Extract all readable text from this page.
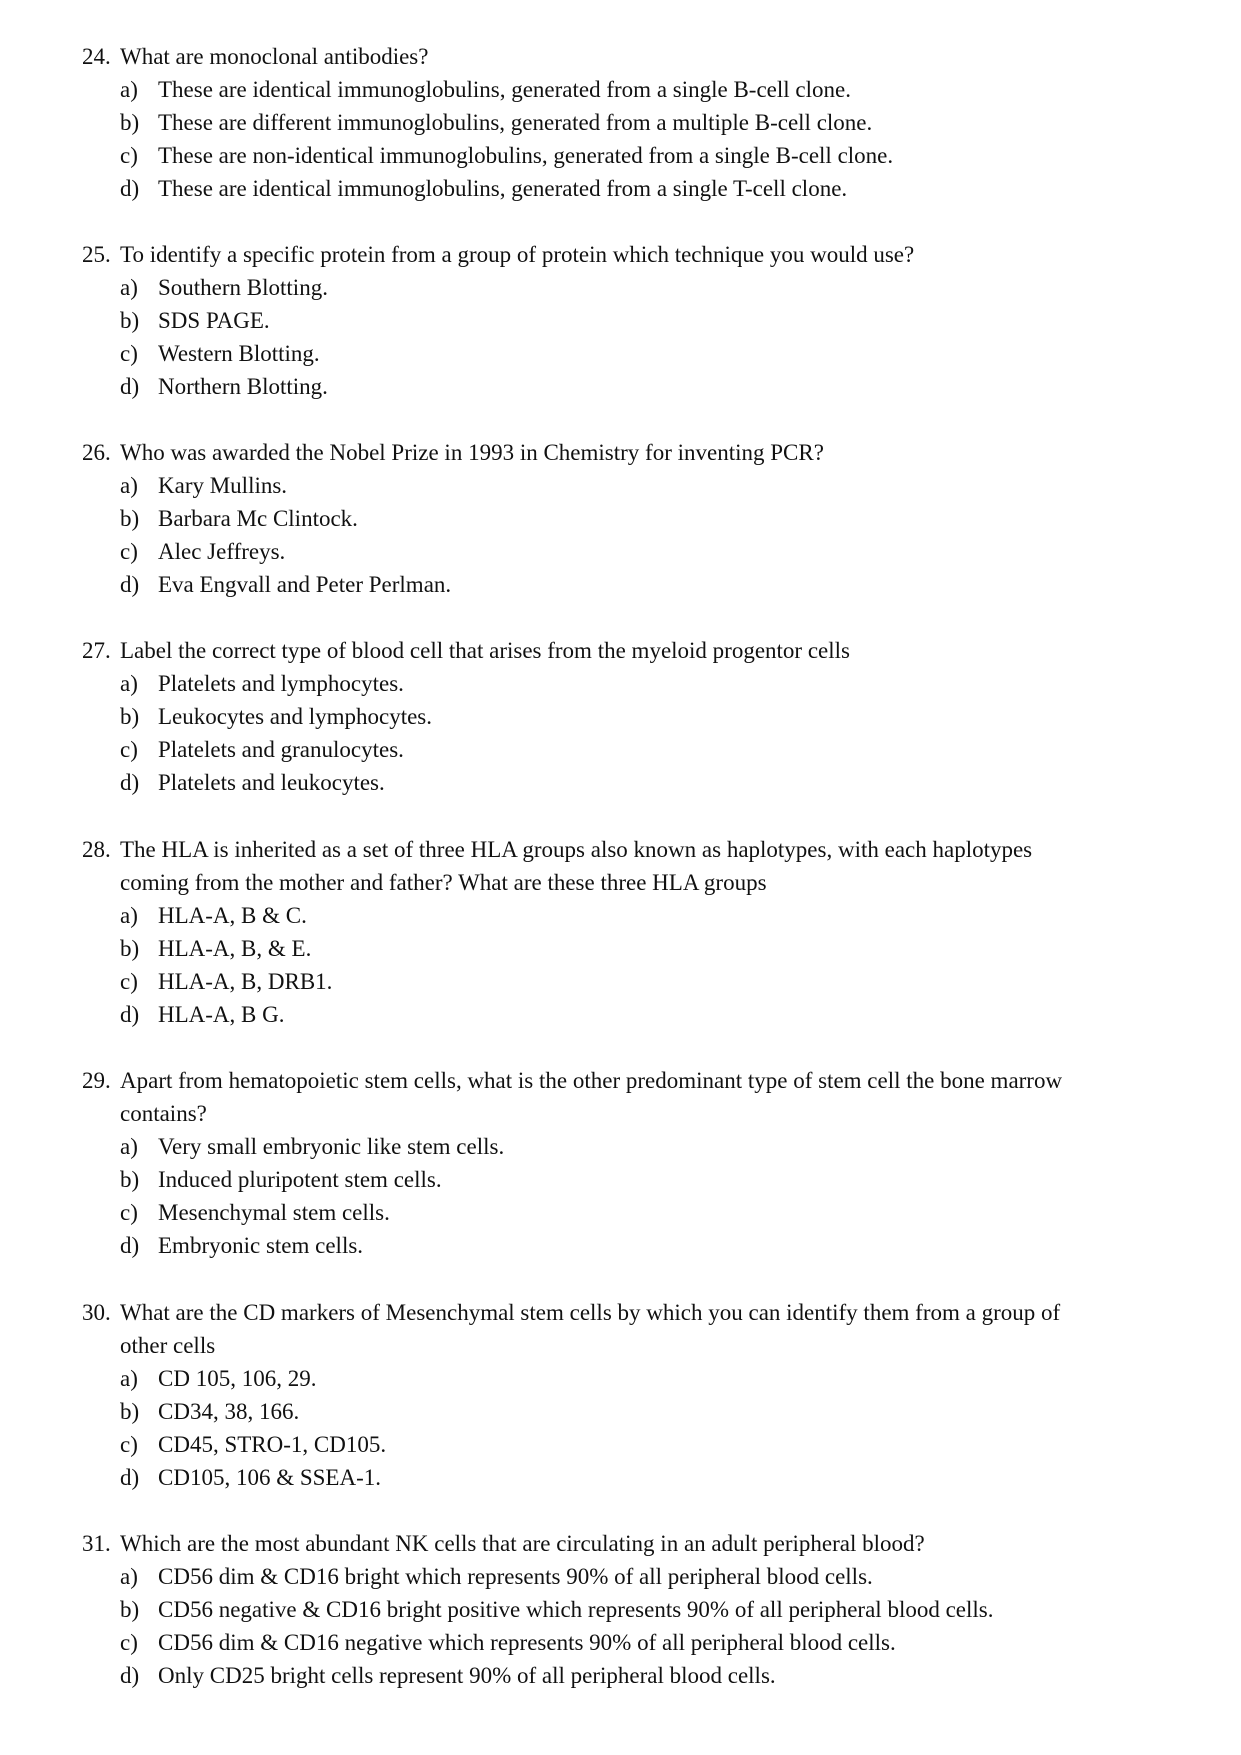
24. What are monoclonal antibodies?
a) These are identical immunoglobulins, generated from a single B-cell clone.
b) These are different immunoglobulins, generated from a multiple B-cell clone.
c) These are non-identical immunoglobulins, generated from a single B-cell clone.
d) These are identical immunoglobulins, generated from a single T-cell clone.
25. To identify a specific protein from a group of protein which technique you would use?
a) Southern Blotting.
b) SDS PAGE.
c) Western Blotting.
d) Northern Blotting.
26. Who was awarded the Nobel Prize in 1993 in Chemistry for inventing PCR?
a) Kary Mullins.
b) Barbara Mc Clintock.
c) Alec Jeffreys.
d) Eva Engvall and Peter Perlman.
27. Label the correct type of blood cell that arises from the myeloid progentor cells
a) Platelets and lymphocytes.
b) Leukocytes and lymphocytes.
c) Platelets and granulocytes.
d) Platelets and leukocytes.
28. The HLA is inherited as a set of three HLA groups also known as haplotypes, with each haplotypes
coming from the mother and father? What are these three HLA groups
a) HLA-A, B & C.
b) HLA-A, B, & E.
c) HLA-A, B, DRB1.
d) HLA-A, B G.
29. Apart from hematopoietic stem cells, what is the other predominant type of stem cell the bone marrow
contains?
a) Very small embryonic like stem cells.
b) Induced pluripotent stem cells.
c) Mesenchymal stem cells.
d) Embryonic stem cells.
30. What are the CD markers of Mesenchymal stem cells by which you can identify them from a group of
other cells
a) CD 105, 106, 29.
b) CD34, 38, 166.
c) CD45, STRO-1, CD105.
d) CD105, 106 & SSEA-1.
31. Which are the most abundant NK cells that are circulating in an adult peripheral blood?
a) CD56 dim & CD16 bright which represents 90% of all peripheral blood cells.
b) CD56 negative & CD16 bright positive which represents 90% of all peripheral blood cells.
c) CD56 dim & CD16 negative which represents 90% of all peripheral blood cells.
d) Only CD25 bright cells represent 90% of all peripheral blood cells.
